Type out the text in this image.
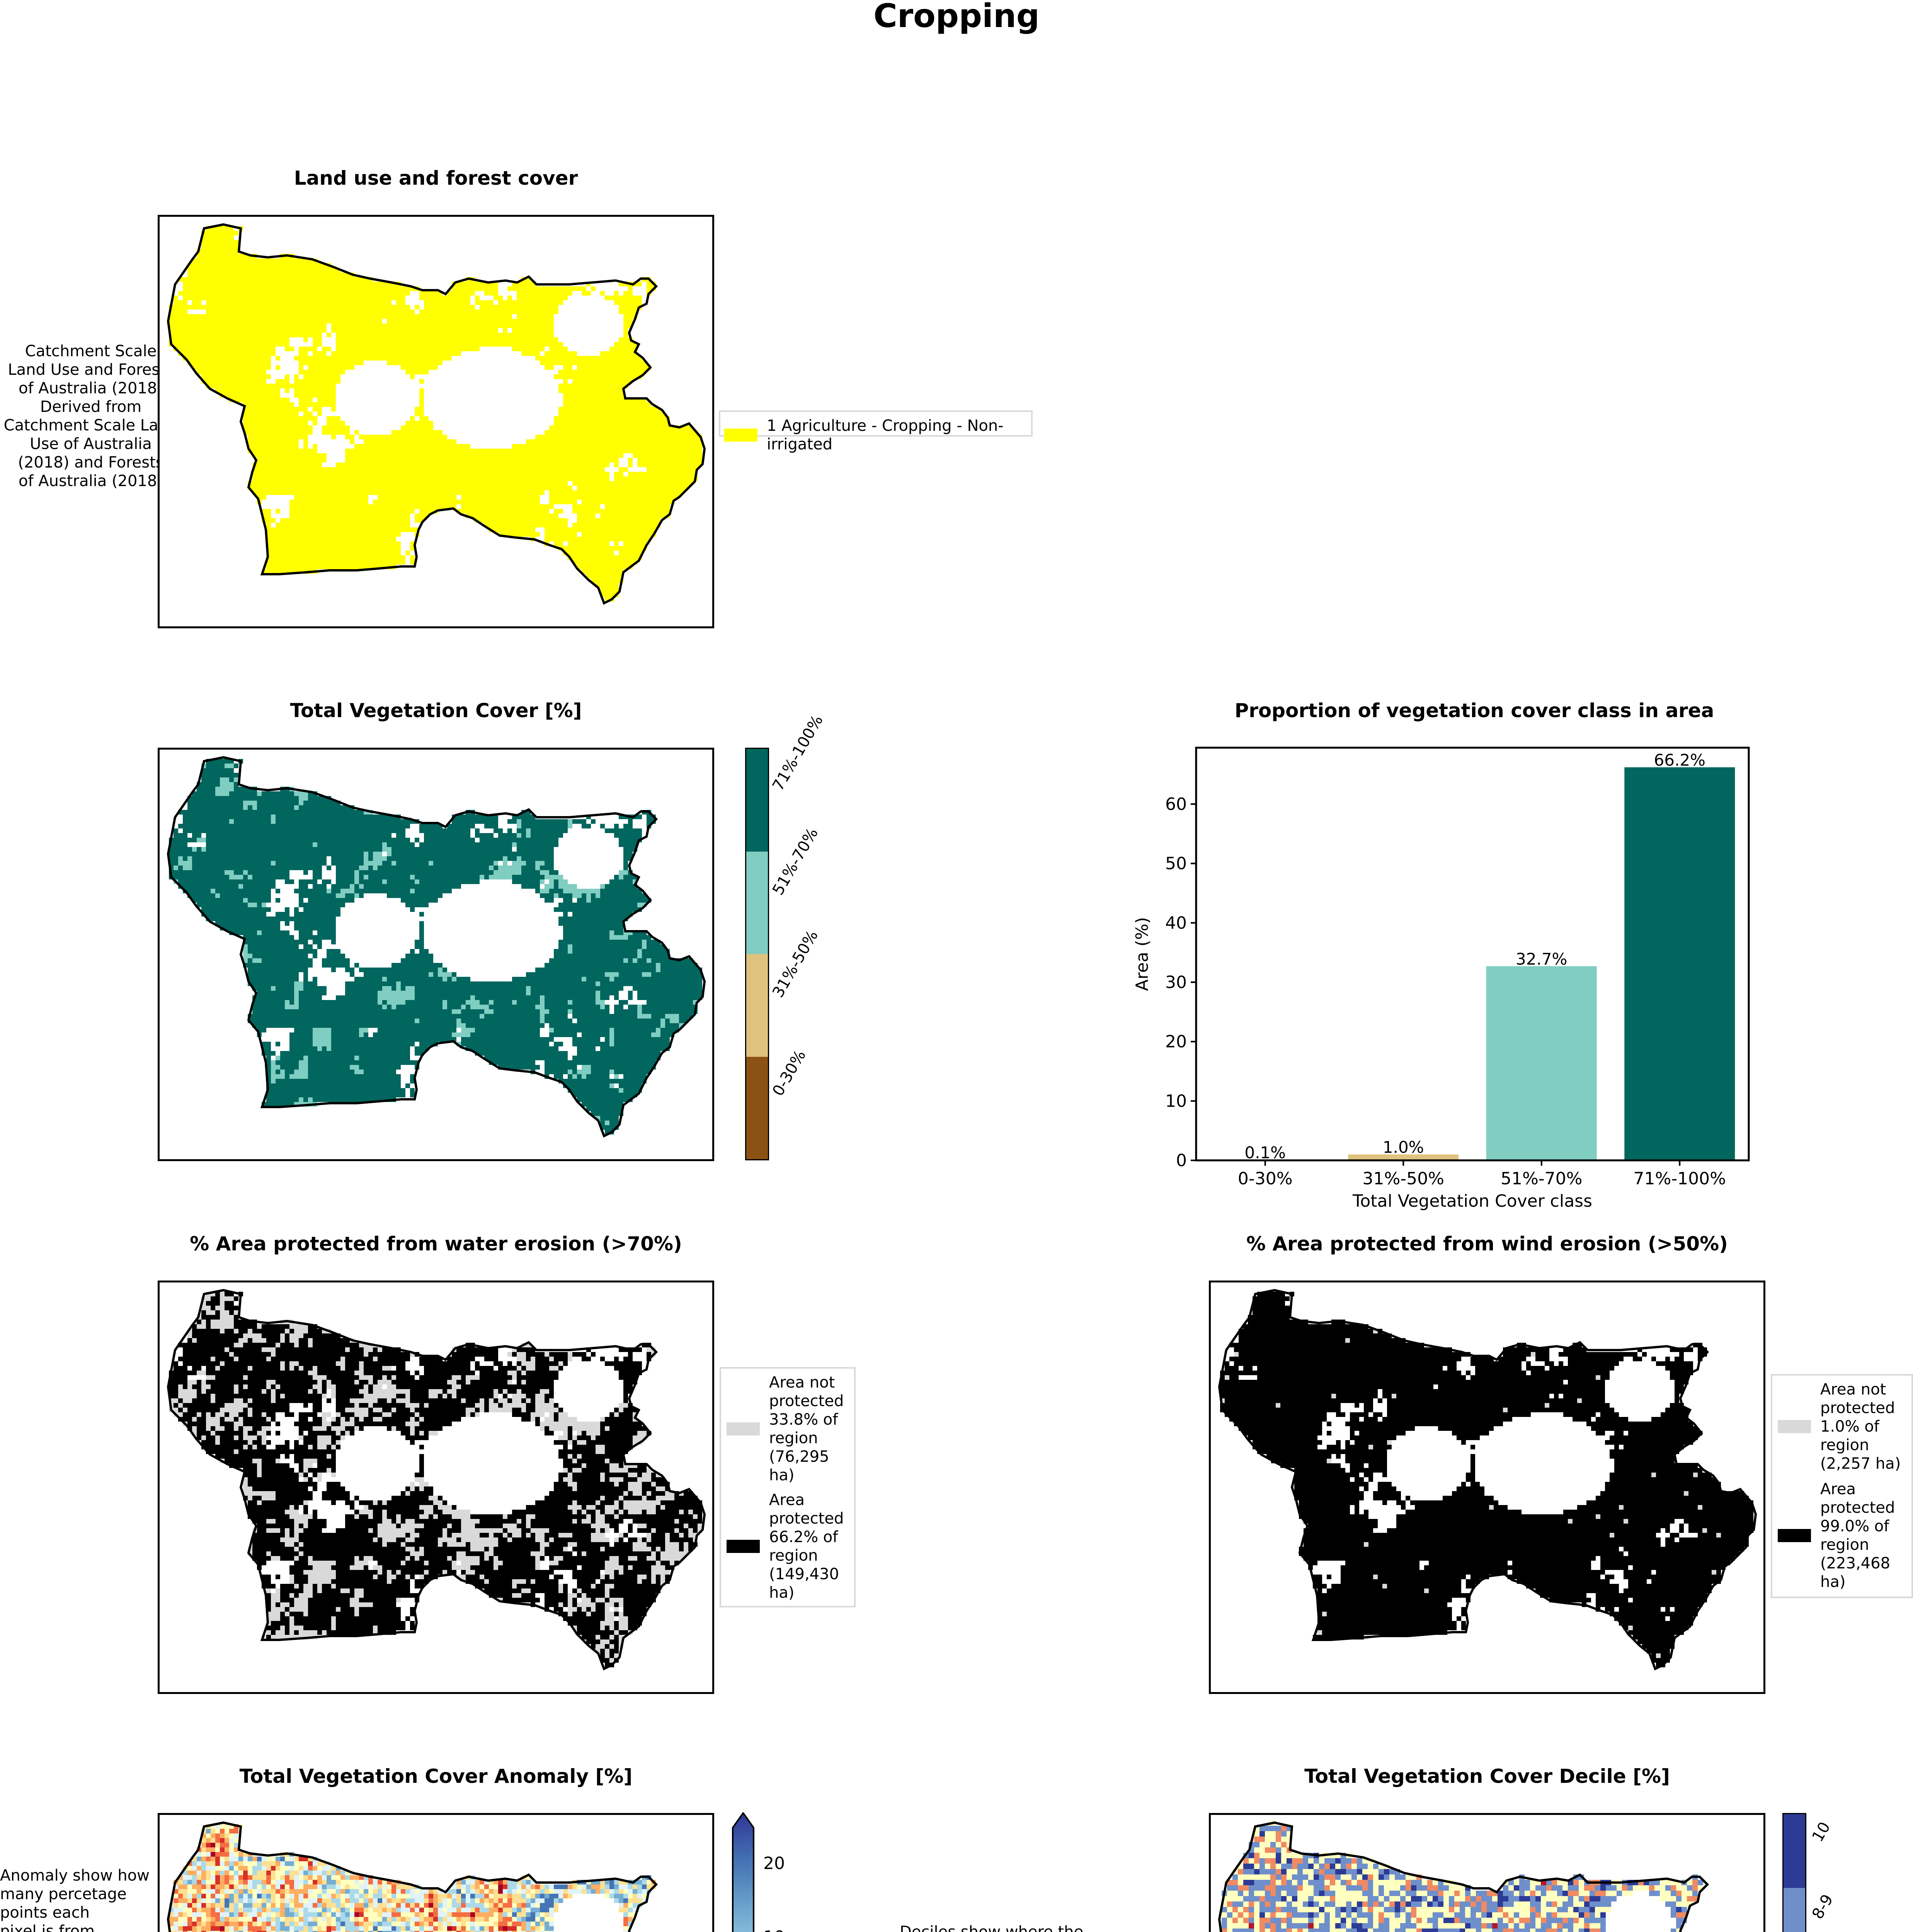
Cropping
Land use and forest cover
Catchment Scale
Land Use and Forests
of Australia (2018)
Derived from
Catchment Scale
Use of Australia
(2018) and Forests
of Australia (2018)
1 Agriculture - Cropping - Non-irrigated
Total Vegetation Cover [%]
71%-100%
51%-70%
31%-50%
0-30%
Proportion of vegetation cover class in area
0.1%
0-30%
1.0%
31%-50%
32.7%
51%-70%
66.2%
71%-100%
0
10
20
30
40
50
60
Total Vegetation Cover class
Area (%)
% Area protected from water erosion (>70%)
Area not
protected
33.8% of
region
(76,295
ha)
Area
protected
66.2% of
region
(149,430
ha)
% Area protected from wind erosion (>50%)
Area not
protected
1.0% of
region
(2,257 ha)
Area
protected
99.0% of
region
(223,468
ha)
Total Vegetation Cover Anomaly [%]
Anomaly show how
many percetage
points each
pixel is from

20
Deciles show where the

Total Vegetation Cover Decile [%]
10
8-9
